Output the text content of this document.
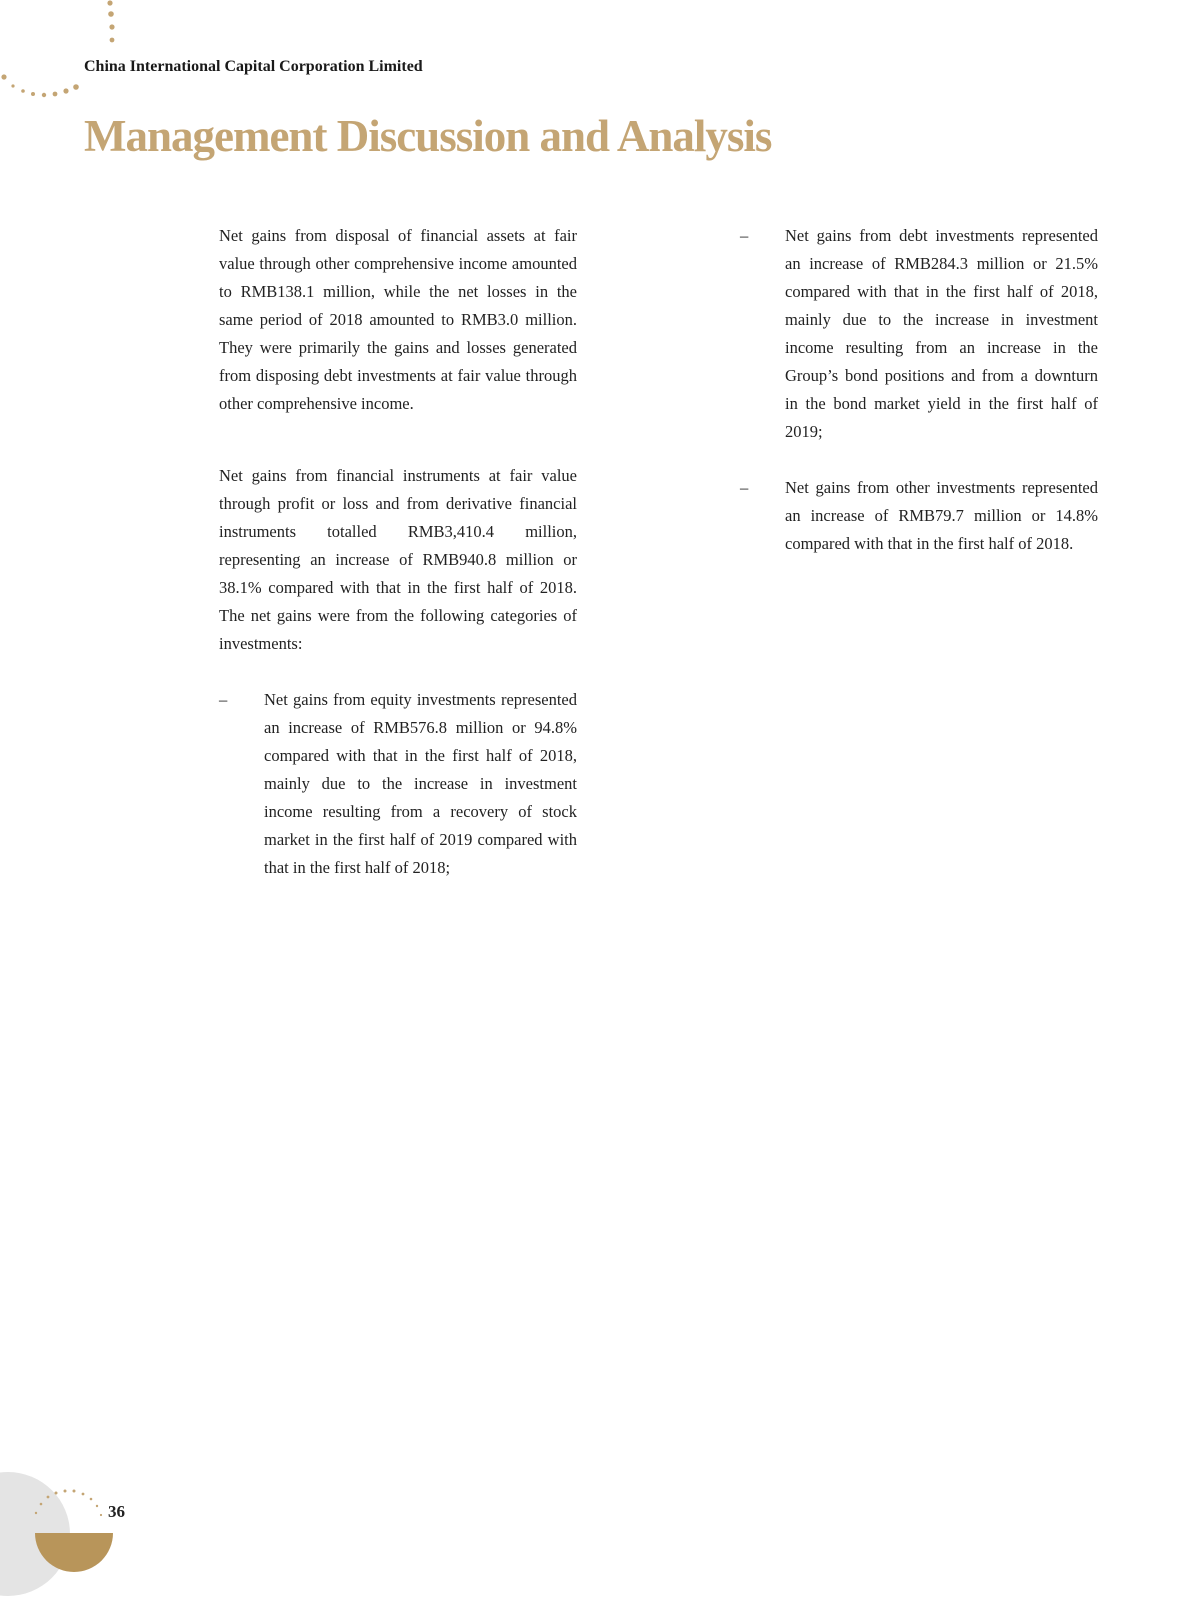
China International Capital Corporation Limited
Management Discussion and Analysis

Net gains from disposal of financial assets at fair value through other comprehensive income amounted to RMB138.1 million, while the net losses in the same period of 2018 amounted to RMB3.0 million. They were primarily the gains and losses generated from disposing debt investments at fair value through other comprehensive income.

Net gains from financial instruments at fair value through profit or loss and from derivative financial instruments totalled RMB3,410.4 million, representing an increase of RMB940.8 million or 38.1% compared with that in the first half of 2018. The net gains were from the following categories of investments:

–	Net gains from equity investments represented an increase of RMB576.8 million or 94.8% compared with that in the first half of 2018, mainly due to the increase in investment income resulting from a recovery of stock market in the first half of 2019 compared with that in the first half of 2018;
–	Net gains from debt investments represented an increase of RMB284.3 million or 21.5% compared with that in the first half of 2018, mainly due to the increase in investment income resulting from an increase in the Group’s bond positions and from a downturn in the bond market yield in the first half of 2019;
–	Net gains from other investments represented an increase of RMB79.7 million or 14.8% compared with that in the first half of 2018.
36
